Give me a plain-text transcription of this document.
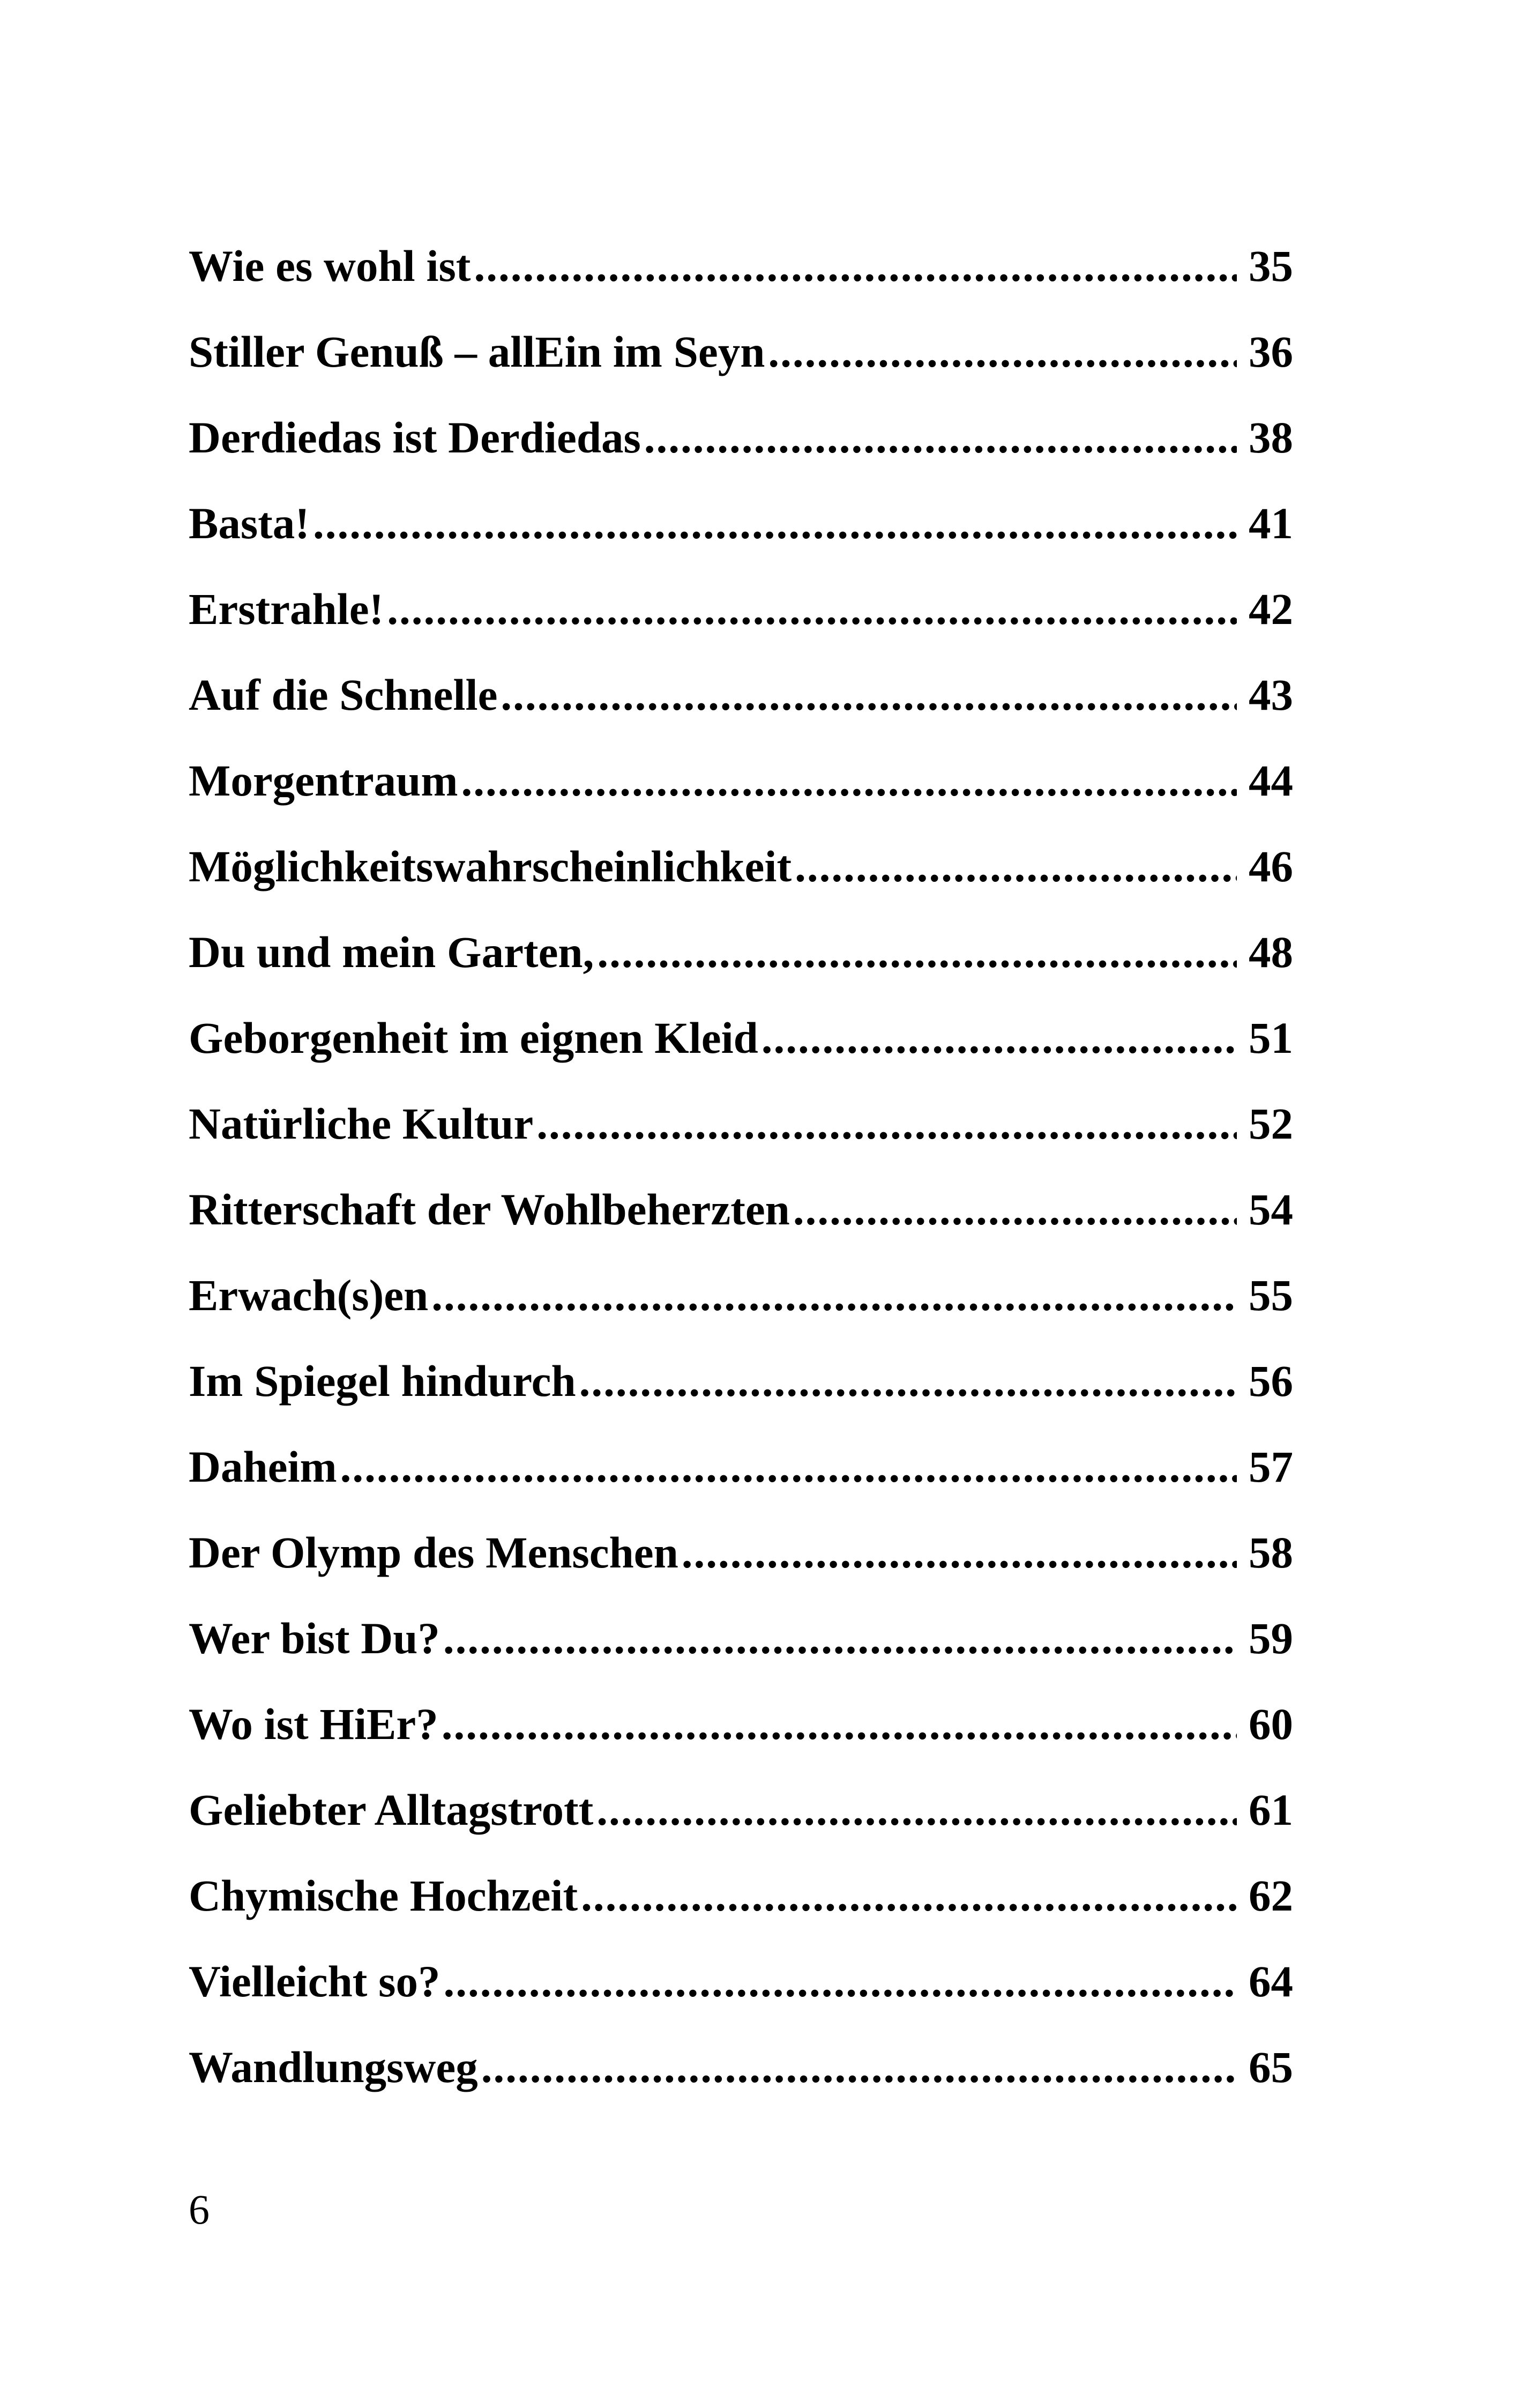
Wie es wohl ist .....	35
Stiller Genuß – allEin im Seyn .....	36
Derdiedas ist Derdiedas .....	38
Basta! .....	41
Erstrahle! .....	42
Auf die Schnelle .....	43
Morgentraum .....	44
Möglichkeitswahrscheinlichkeit .....	46
Du und mein Garten, .....	48
Geborgenheit im eignen Kleid .....	51
Natürliche Kultur .....	52
Ritterschaft der Wohlbeherzten .....	54
Erwach(s)en .....	55
Im Spiegel hindurch .....	56
Daheim .....	57
Der Olymp des Menschen .....	58
Wer bist Du? .....	59
Wo ist HiEr? .....	60
Geliebter Alltagstrott .....	61
Chymische Hochzeit .....	62
Vielleicht so? .....	64
Wandlungsweg .....	65
6
